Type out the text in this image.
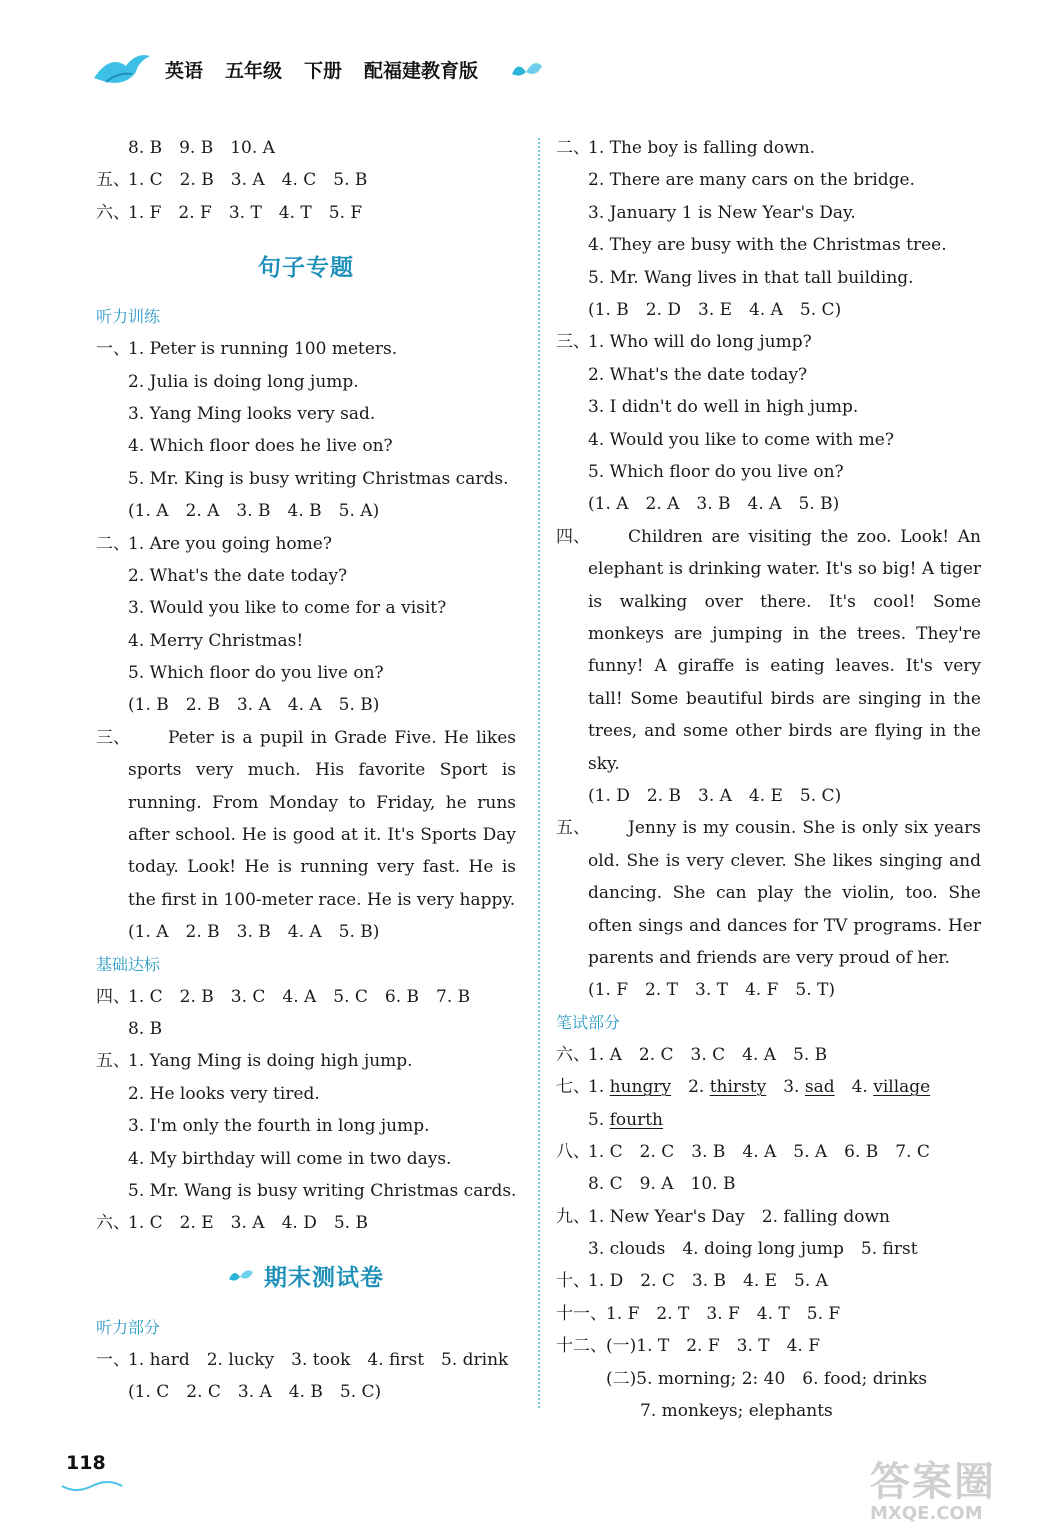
英语 五年级 下册 配福建教育版
8. B　9. B　10. A
五、
1. C　2. B　3. A　4. C　5. B
六、
1. F　2. F　3. T　4. T　5. F
句子专题
听力训练
一、
1. Peter is running 100 meters.
2. Julia is doing long jump.
3. Yang Ming looks very sad.
4. Which floor does he live on?
5. Mr. King is busy writing Christmas cards.
(1. A　2. A　3. B　4. B　5. A)
二、
1. Are you going home?
2. What's the date today?
3. Would you like to come for a visit?
4. Merry Christmas!
5. Which floor do you live on?
(1. B　2. B　3. A　4. A　5. B)
三、 Peter is a pupil in Grade Five. He likes sports very much. His favorite Sport is running. From Monday to Friday, he runs after school. He is good at it. It's Sports Day today. Look! He is running very fast. He is the first in 100-meter race. He is very happy.
(1. A　2. B　3. B　4. A　5. B)
基础达标
四、
1. C　2. B　3. C　4. A　5. C　6. B　7. B
8. B
五、
1. Yang Ming is doing high jump.
2. He looks very tired.
3. I'm only the fourth in long jump.
4. My birthday will come in two days.
5. Mr. Wang is busy writing Christmas cards.
六、
1. C　2. E　3. A　4. D　5. B
期末测试卷
听力部分
一、
1. hard　2. lucky　3. took　4. first　5. drink
(1. C　2. C　3. A　4. B　5. C)
二、
1. The boy is falling down.
2. There are many cars on the bridge.
3. January 1 is New Year's Day.
4. They are busy with the Christmas tree.
5. Mr. Wang lives in that tall building.
(1. B　2. D　3. E　4. A　5. C)
三、
1. Who will do long jump?
2. What's the date today?
3. I didn't do well in high jump.
4. Would you like to come with me?
5. Which floor do you live on?
(1. A　2. A　3. B　4. A　5. B)
四、 Children are visiting the zoo. Look! An elephant is drinking water. It's so big! A tiger is walking over there. It's cool! Some monkeys are jumping in the trees. They're funny! A giraffe is eating leaves. It's very tall! Some beautiful birds are singing in the trees, and some other birds are flying in the sky.
(1. D　2. B　3. A　4. E　5. C)
五、 Jenny is my cousin. She is only six years old. She is very clever. She likes singing and dancing. She can play the violin, too. She often sings and dances for TV programs. Her parents and friends are very proud of her.
(1. F　2. T　3. T　4. F　5. T)
笔试部分
六、
1. A　2. C　3. C　4. A　5. B
七、
1. hungry　2. thirsty　3. sad　4. village
5. fourth
八、
1. C　2. C　3. B　4. A　5. A　6. B　7. C
8. C　9. A　10. B
九、
1. New Year's Day　2. falling down
3. clouds　4. doing long jump　5. first
十、
1. D　2. C　3. B　4. E　5. A
十一、 1. F　2. T　3. F　4. T　5. F
十二、 (一)1. T　2. F　3. T　4. F
(二)5. morning; 2: 40　6. food; drinks
7. monkeys; elephants
118	答案圈
MXQE.COM
